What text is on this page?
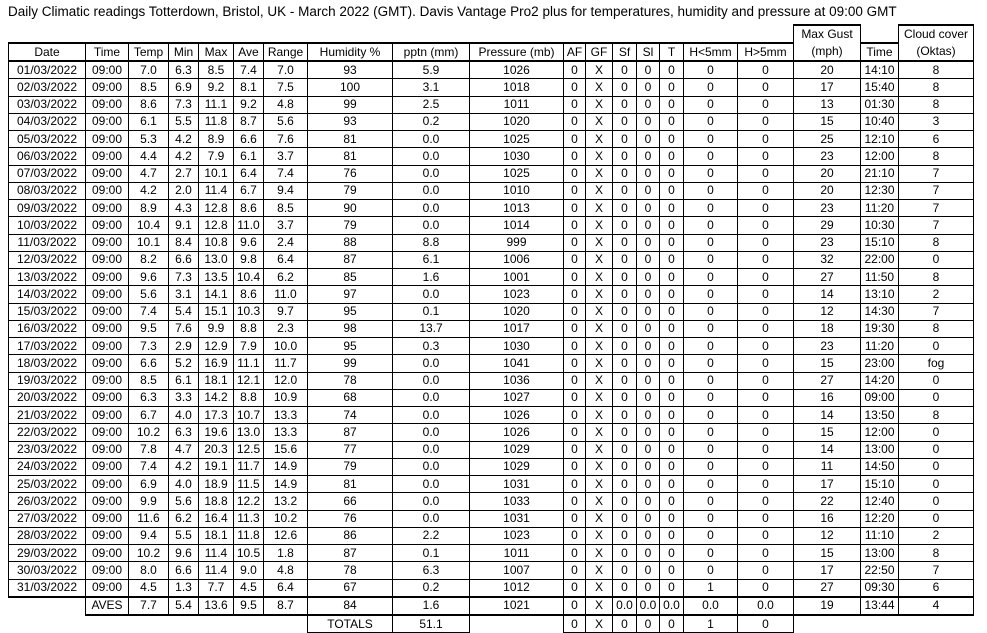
Daily Climatic readings Totterdown, Bristol, UK - March 2022 (GMT). Davis Vantage Pro2 plus for temperatures, humidity and pressure at 09:00 GMT
																	Max Gust		Cloud cover
Date	Time	Temp	Min	Max	Ave	Range	Humidity %	pptn (mm)	Pressure (mb)	AF	GF	Sf	Sl	T	H<5mm	H>5mm	(mph)	Time	(Oktas)
01/03/2022	09:00	7.0	6.3	8.5	7.4	7.0	93	5.9	1026	0	X	0	0	0	0	0	20	14:10	8
02/03/2022	09:00	8.5	6.9	9.2	8.1	7.5	100	3.1	1018	0	X	0	0	0	0	0	17	15:40	8
03/03/2022	09:00	8.6	7.3	11.1	9.2	4.8	99	2.5	1011	0	X	0	0	0	0	0	13	01:30	8
04/03/2022	09:00	6.1	5.5	11.8	8.7	5.6	93	0.2	1020	0	X	0	0	0	0	0	15	10:40	3
05/03/2022	09:00	5.3	4.2	8.9	6.6	7.6	81	0.0	1025	0	X	0	0	0	0	0	25	12:10	6
06/03/2022	09:00	4.4	4.2	7.9	6.1	3.7	81	0.0	1030	0	X	0	0	0	0	0	23	12:00	8
07/03/2022	09:00	4.7	2.7	10.1	6.4	7.4	76	0.0	1025	0	X	0	0	0	0	0	20	21:10	7
08/03/2022	09:00	4.2	2.0	11.4	6.7	9.4	79	0.0	1010	0	X	0	0	0	0	0	20	12:30	7
09/03/2022	09:00	8.9	4.3	12.8	8.6	8.5	90	0.0	1013	0	X	0	0	0	0	0	23	11:20	7
10/03/2022	09:00	10.4	9.1	12.8	11.0	3.7	79	0.0	1014	0	X	0	0	0	0	0	29	10:30	7
11/03/2022	09:00	10.1	8.4	10.8	9.6	2.4	88	8.8	999	0	X	0	0	0	0	0	23	15:10	8
12/03/2022	09:00	8.2	6.6	13.0	9.8	6.4	87	6.1	1006	0	X	0	0	0	0	0	32	22:00	0
13/03/2022	09:00	9.6	7.3	13.5	10.4	6.2	85	1.6	1001	0	X	0	0	0	0	0	27	11:50	8
14/03/2022	09:00	5.6	3.1	14.1	8.6	11.0	97	0.0	1023	0	X	0	0	0	0	0	14	13:10	2
15/03/2022	09:00	7.4	5.4	15.1	10.3	9.7	95	0.1	1020	0	X	0	0	0	0	0	12	14:30	7
16/03/2022	09:00	9.5	7.6	9.9	8.8	2.3	98	13.7	1017	0	X	0	0	0	0	0	18	19:30	8
17/03/2022	09:00	7.3	2.9	12.9	7.9	10.0	95	0.3	1030	0	X	0	0	0	0	0	23	11:20	0
18/03/2022	09:00	6.6	5.2	16.9	11.1	11.7	99	0.0	1041	0	X	0	0	0	0	0	15	23:00	fog
19/03/2022	09:00	8.5	6.1	18.1	12.1	12.0	78	0.0	1036	0	X	0	0	0	0	0	27	14:20	0
20/03/2022	09:00	6.3	3.3	14.2	8.8	10.9	68	0.0	1027	0	X	0	0	0	0	0	16	09:00	0
21/03/2022	09:00	6.7	4.0	17.3	10.7	13.3	74	0.0	1026	0	X	0	0	0	0	0	14	13:50	8
22/03/2022	09:00	10.2	6.3	19.6	13.0	13.3	87	0.0	1026	0	X	0	0	0	0	0	15	12:00	0
23/03/2022	09:00	7.8	4.7	20.3	12.5	15.6	77	0.0	1029	0	X	0	0	0	0	0	14	13:00	0
24/03/2022	09:00	7.4	4.2	19.1	11.7	14.9	79	0.0	1029	0	X	0	0	0	0	0	11	14:50	0
25/03/2022	09:00	6.9	4.0	18.9	11.5	14.9	81	0.0	1031	0	X	0	0	0	0	0	17	15:10	0
26/03/2022	09:00	9.9	5.6	18.8	12.2	13.2	66	0.0	1033	0	X	0	0	0	0	0	22	12:40	0
27/03/2022	09:00	11.6	6.2	16.4	11.3	10.2	76	0.0	1031	0	X	0	0	0	0	0	16	12:20	0
28/03/2022	09:00	9.4	5.5	18.1	11.8	12.6	86	2.2	1023	0	X	0	0	0	0	0	12	11:10	2
29/03/2022	09:00	10.2	9.6	11.4	10.5	1.8	87	0.1	1011	0	X	0	0	0	0	0	15	13:00	8
30/03/2022	09:00	8.0	6.6	11.4	9.0	4.8	78	6.3	1007	0	X	0	0	0	0	0	17	22:50	7
31/03/2022	09:00	4.5	1.3	7.7	4.5	6.4	67	0.2	1012	0	X	0	0	0	1	0	27	09:30	6
	AVES	7.7	5.4	13.6	9.5	8.7	84	1.6	1021	0	X	0.0	0.0	0.0	0.0	0.0	19	13:44	4
							TOTALS	51.1		0	X	0	0	0	1	0			
